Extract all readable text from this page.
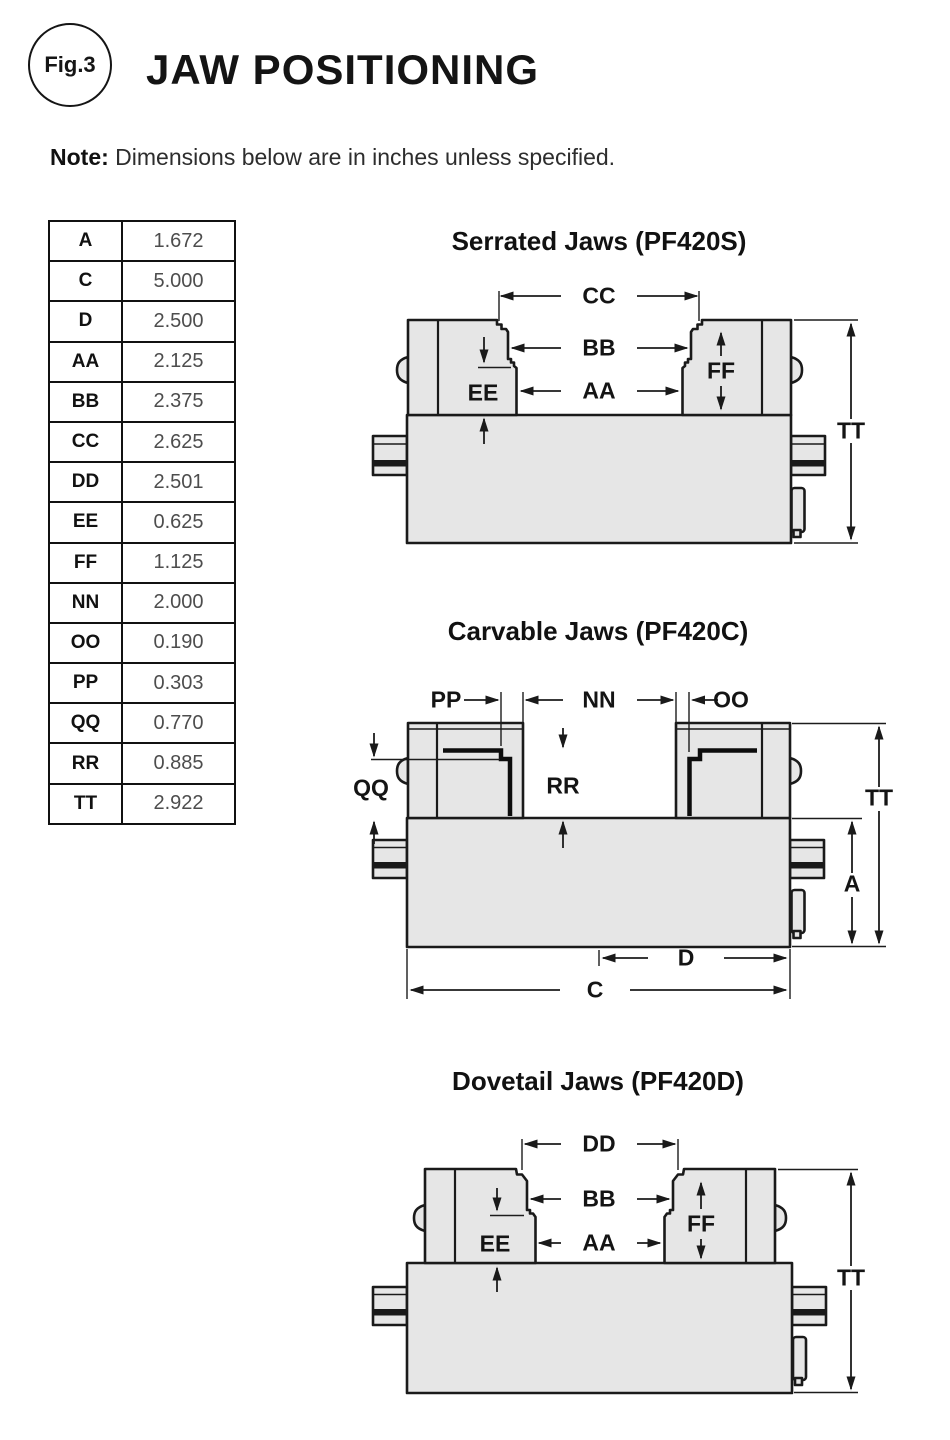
Fig.3 JAW POSITIONING
Note: Dimensions below are in inches unless specified.
A	1.672
C	5.000
D	2.500
AA	2.125
BB	2.375
CC	2.625
DD	2.501
EE	0.625
FF	1.125
NN	2.000
OO	0.190
PP	0.303
QQ	0.770
RR	0.885
TT	2.922
Serrated Jaws (PF420S)
CC
BB
AA
EE
FF
TT
Carvable Jaws (PF420C)
PP	NN	OO
QQ	RR	TT
A
D
C
Dovetail Jaws (PF420D)
DD
BB
AA
EE
FF
TT
